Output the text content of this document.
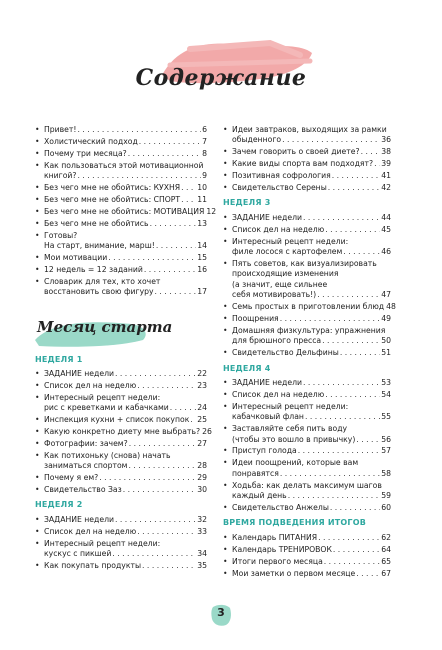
Содержание
• Привет! . . .	6
• Холистический подход . . .	7
• Почему три месяца? . . .	8
• Как пользоваться этой мотивационной
книгой? . . .	9
• Без чего мне не обойтись: КУХНЯ . . . 10
• Без чего мне не обойтись: СПОРТ . . . 11
• Без чего мне не обойтись: МОТИВАЦИЯ 12
• Без чего мне не обойтись . . .	13
• Готовы?
На старт, внимание, марш! . . .	14
• Мои мотивации . . .	15
• 12 недель = 12 заданий . . .	16
• Словарик для тех, кто хочет
восстановить свою фигуру . . .	17
Месяц старта
НЕДЕЛЯ 1
• ЗАДАНИЕ недели . . .	22
• Список дел на неделю . . .	23
• Интересный рецепт недели:
рис с креветками и кабачками . . .	24
• Инспекция кухни + список покупок . . . 25
• Какую конкретно диету мне выбрать? 26
• Фотографии: зачем? . . .	27
• Как потихоньку (снова) начать
заниматься спортом . . .	28
• Почему я ем? . . .	29
• Свидетельство Заз . . .	30
НЕДЕЛЯ 2
• ЗАДАНИЕ недели . . .	32
• Список дел на неделю . . .	33
• Интересный рецепт недели:
кускус с пикшей . . .	34
• Как покупать продукты . . .	35
• Идеи завтраков, выходящих за рамки
обыденного . . .	36
• Зачем говорить о своей диете? . . .	38
• Какие виды спорта вам подходят? . . . 39
• Позитивная софрология . . .	41
• Свидетельство Серены . . .	42
НЕДЕЛЯ 3
• ЗАДАНИЕ недели . . .	44
• Список дел на неделю . . .	45
• Интересный рецепт недели:
филе лосося с картофелем . . .	46
• Пять советов, как визуализировать
происходящие изменения
(а значит, еще сильнее
себя мотивировать!) . . .	47
• Семь простых в приготовлении блюд 48
• Поощрения . . .	49
• Домашняя физкультура: упражнения
для брюшного пресса . . .	50
• Свидетельство Дельфины . . .	51
НЕДЕЛЯ 4
• ЗАДАНИЕ недели . . .	53
• Список дел на неделю . . .	54
• Интересный рецепт недели:
кабачковый флан . . .	55
• Заставляйте себя пить воду
(чтобы это вошло в привычку) . . .	56
• Приступ голода . . .	57
• Идеи поощрений, которые вам
понравятся . . .	58
• Ходьба: как делать максимум шагов
каждый день . . .	59
• Свидетельство Анжелы . . .	60
ВРЕМЯ ПОДВЕДЕНИЯ ИТОГОВ
• Календарь ПИТАНИЯ . . .	62
• Календарь ТРЕНИРОВОК . . .	64
• Итоги первого месяца . . .	65
• Мои заметки о первом месяце . . .	67
3
